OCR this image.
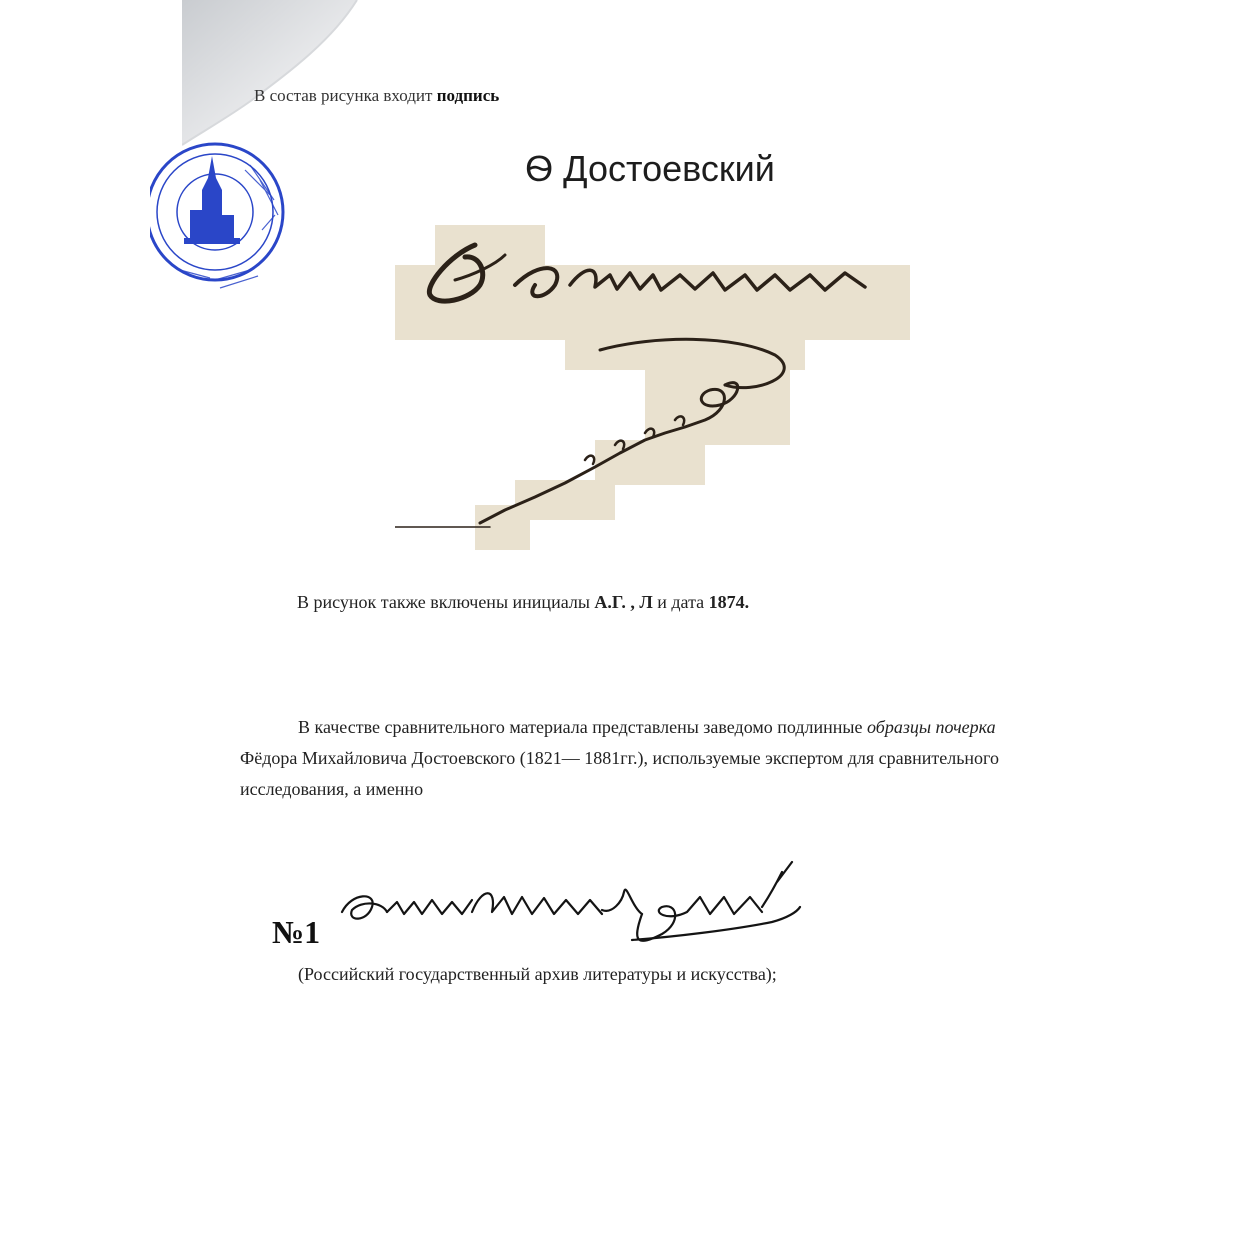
В состав рисунка входит подпись
Ѳ Достоевский
В рисунок также включены инициалы А.Г. , Л и дата 1874.
В качестве сравнительного материала представлены заведомо подлинные образцы почерка Фёдора Михайловича Достоевского (1821— 1881гг.), используемые экспертом для сравнительного исследования, а именно
№1
(Российский государственный архив литературы и искусства);
